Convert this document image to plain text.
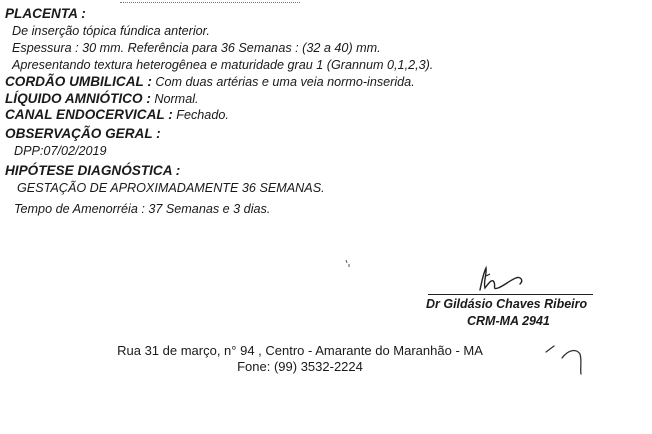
PLACENTA :
De inserção tópica fúndica anterior.
Espessura : 30 mm. Referência para 36 Semanas : (32 a 40) mm.
Apresentando textura heterogênea e maturidade grau 1 (Grannum 0,1,2,3).
CORDÃO UMBILICAL : Com duas artérias e uma veia normo-inserida.
LÍQUIDO AMNIÓTICO : Normal.
CANAL ENDOCERVICAL : Fechado.
OBSERVAÇÃO GERAL :
DPP:07/02/2019
HIPÓTESE DIAGNÓSTICA :
GESTAÇÃO DE APROXIMADAMENTE 36 SEMANAS.
Tempo de Amenorréia : 37 Semanas e 3 dias.
Dr Gildásio Chaves Ribeiro
CRM-MA 2941
Rua 31 de março, n° 94 , Centro - Amarante do Maranhão - MA
Fone: (99) 3532-2224
